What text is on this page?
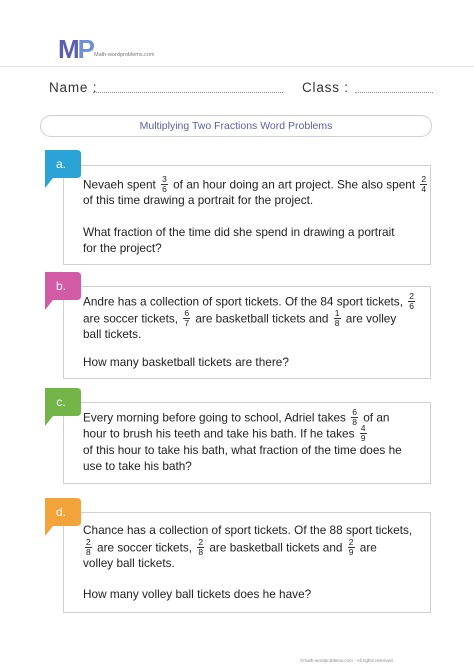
MP Math-wordproblems.com
Name :	Class :
Multiplying Two Fractions Word Problems
Nevaeh spent $\frac{3}{6}$ of an hour doing an art project. She also spent $\frac{2}{4}$
of this time drawing a portrait for the project.
What fraction of the time did she spend in drawing a portrait
for the project?
a.
Andre has a collection of sport tickets. Of the 84 sport tickets, $\frac{2}{6}$
are soccer tickets, $\frac{6}{7}$ are basketball tickets and $\frac{1}{8}$ are volley
ball tickets.
How many basketball tickets are there?
b.
Every morning before going to school, Adriel takes $\frac{6}{8}$ of an
hour to brush his teeth and take his bath. If he takes $\frac{4}{9}$
of this hour to take his bath, what fraction of the time does he
use to take his bath?
c.
Chance has a collection of sport tickets. Of the 88 sport tickets,
$\frac{2}{8}$ are soccer tickets, $\frac{2}{8}$ are basketball tickets and $\frac{2}{9}$ are
volley ball tickets.
How many volley ball tickets does he have?
d.
©math-wordproblems.com · All rights reserved.
